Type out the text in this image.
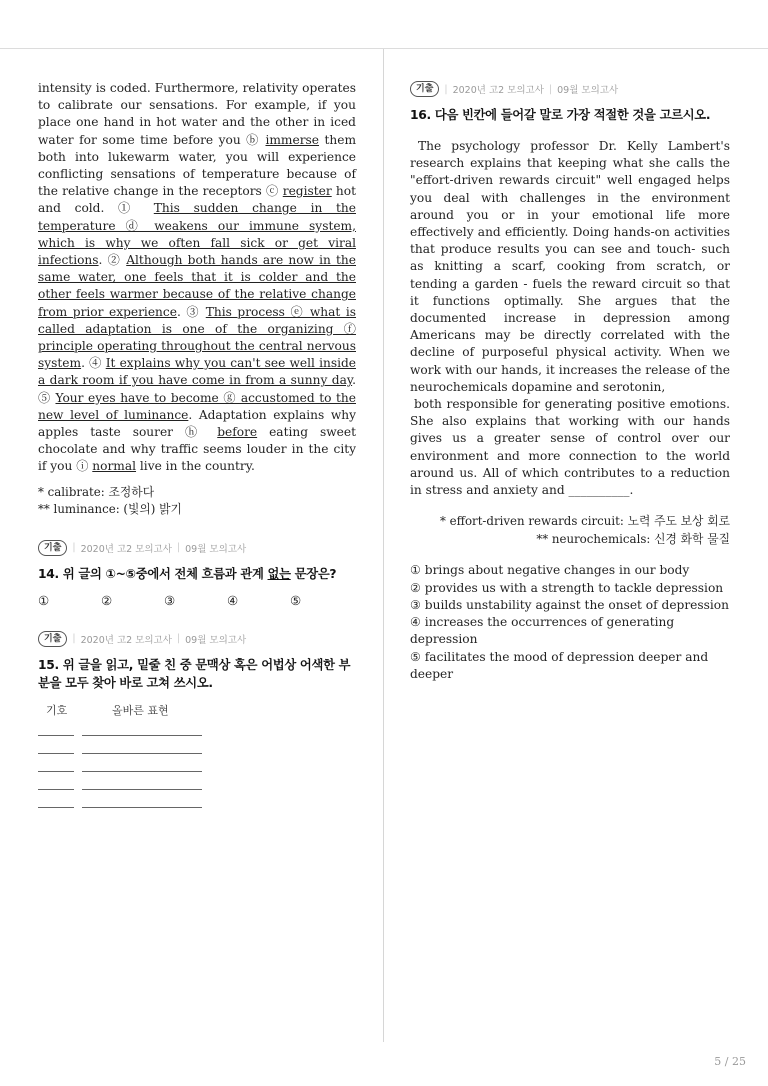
intensity is coded. Furthermore, relativity operates to calibrate our sensations. For example, if you place one hand in hot water and the other in iced water for some time before you ⓑ immerse them both into lukewarm water, you will experience conflicting sensations of temperature because of the relative change in the receptors ⓒ register hot and cold. ① This sudden change in the temperature ⓓ weakens our immune system, which is why we often fall sick or get viral infections. ② Although both hands are now in the same water, one feels that it is colder and the other feels warmer because of the relative change from prior experience. ③ This process ⓔ what is called adaptation is one of the organizing ⓕ principle operating throughout the central nervous system. ④ It explains why you can't see well inside a dark room if you have come in from a sunny day. ⑤ Your eyes have to become ⓖ accustomed to the new level of luminance. Adaptation explains why apples taste sourer ⓗ before eating sweet chocolate and why traffic seems louder in the city if you ⓘ normal live in the country.
* calibrate: 조정하다
** luminance: (빛의) 밝기
기출	| 2020년 고2 모의고사 | 09월 모의고사
14. 위 글의 ①~⑤중에서 전체 흐름과 관계 없는 문장은?
①	②	③	④	⑤
기출	| 2020년 고2 모의고사 | 09월 모의고사
15. 위 글을 읽고, 밑줄 친 중 문맥상 혹은 어법상 어색한 부분을 모두 찾아 바로 고쳐 쓰시오.
기호	올바른 표현
기출	| 2020년 고2 모의고사 | 09월 모의고사
16. 다음 빈칸에 들어갈 말로 가장 적절한 것을 고르시오.

The psychology professor Dr. Kelly Lambert's research explains that keeping what she calls the "effort-driven rewards circuit" well engaged helps you deal with challenges in the environment around you or in your emotional life more effectively and efficiently. Doing hands-on activities that produce results you can see and touch- such as knitting a scarf, cooking from scratch, or tending a garden - fuels the reward circuit so that it functions optimally. She argues that the documented increase in depression among Americans may be directly correlated with the decline of purposeful physical activity. When we work with our hands, it increases the release of the neurochemicals dopamine and serotonin,

both responsible for generating positive emotions. She also explains that working with our hands gives us a greater sense of control over our environment and more connection to the world around us. All of which contributes to a reduction in stress and anxiety and __________.

* effort-driven rewards circuit: 노력 주도 보상 회로
** neurochemicals: 신경 화학 물질
① brings about negative changes in our body
② provides us with a strength to tackle depression
③ builds unstability against the onset of depression
④ increases the occurrences of generating depression
⑤ facilitates the mood of depression deeper and deeper
5 / 25
